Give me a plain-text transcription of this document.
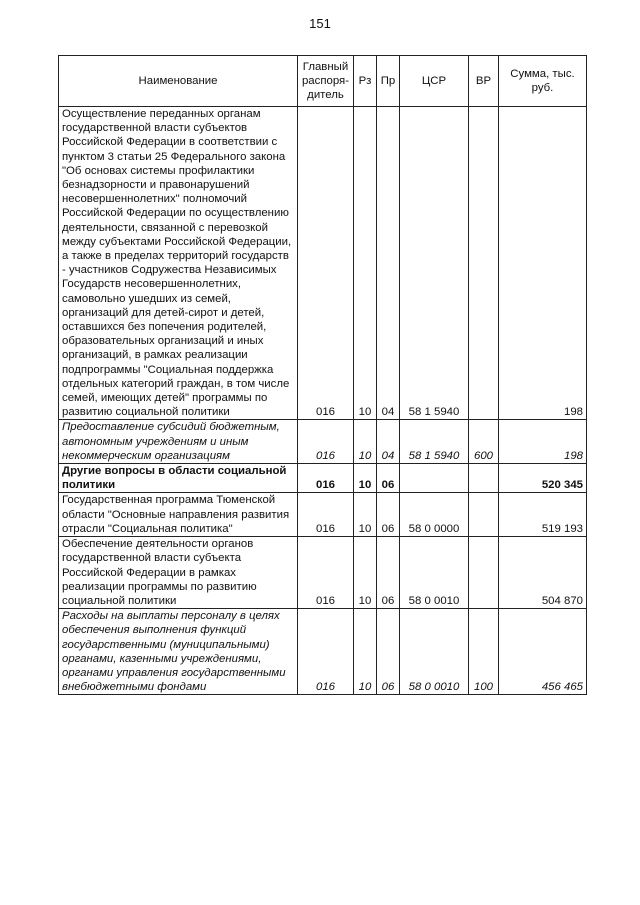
151
Наименование	Главный распоря-дитель	Рз	Пр	ЦСР	ВР	Сумма, тыс. руб.
Осуществление переданных органам государственной власти субъектов Российской Федерации в соответствии с пунктом 3 статьи 25 Федерального закона "Об основах системы профилактики безнадзорности и правонарушений несовершеннолетних" полномочий Российской Федерации по осуществлению деятельности, связанной с перевозкой между субъектами Российской Федерации, а также в пределах территорий государств - участников Содружества Независимых Государств несовершеннолетних, самовольно ушедших из семей, организаций для детей-сирот и детей, оставшихся без попечения родителей, образовательных организаций и иных организаций, в рамках реализации подпрограммы "Социальная поддержка отдельных категорий граждан, в том числе семей, имеющих детей" программы по развитию социальной политики	016	10	04	58 1 5940		198
Предоставление субсидий бюджетным, автономным учреждениям и иным некоммерческим организациям	016	10	04	58 1 5940	600	198
Другие вопросы в области социальной политики	016	10	06			520 345
Государственная программа Тюменской области "Основные направления развития отрасли "Социальная политика"	016	10	06	58 0 0000		519 193
Обеспечение деятельности органов государственной власти субъекта Российской Федерации в рамках реализации программы по развитию социальной политики	016	10	06	58 0 0010		504 870
Расходы на выплаты персоналу в целях обеспечения выполнения функций государственными (муниципальными) органами, казенными учреждениями, органами управления государственными внебюджетными фондами	016	10	06	58 0 0010	100	456 465
